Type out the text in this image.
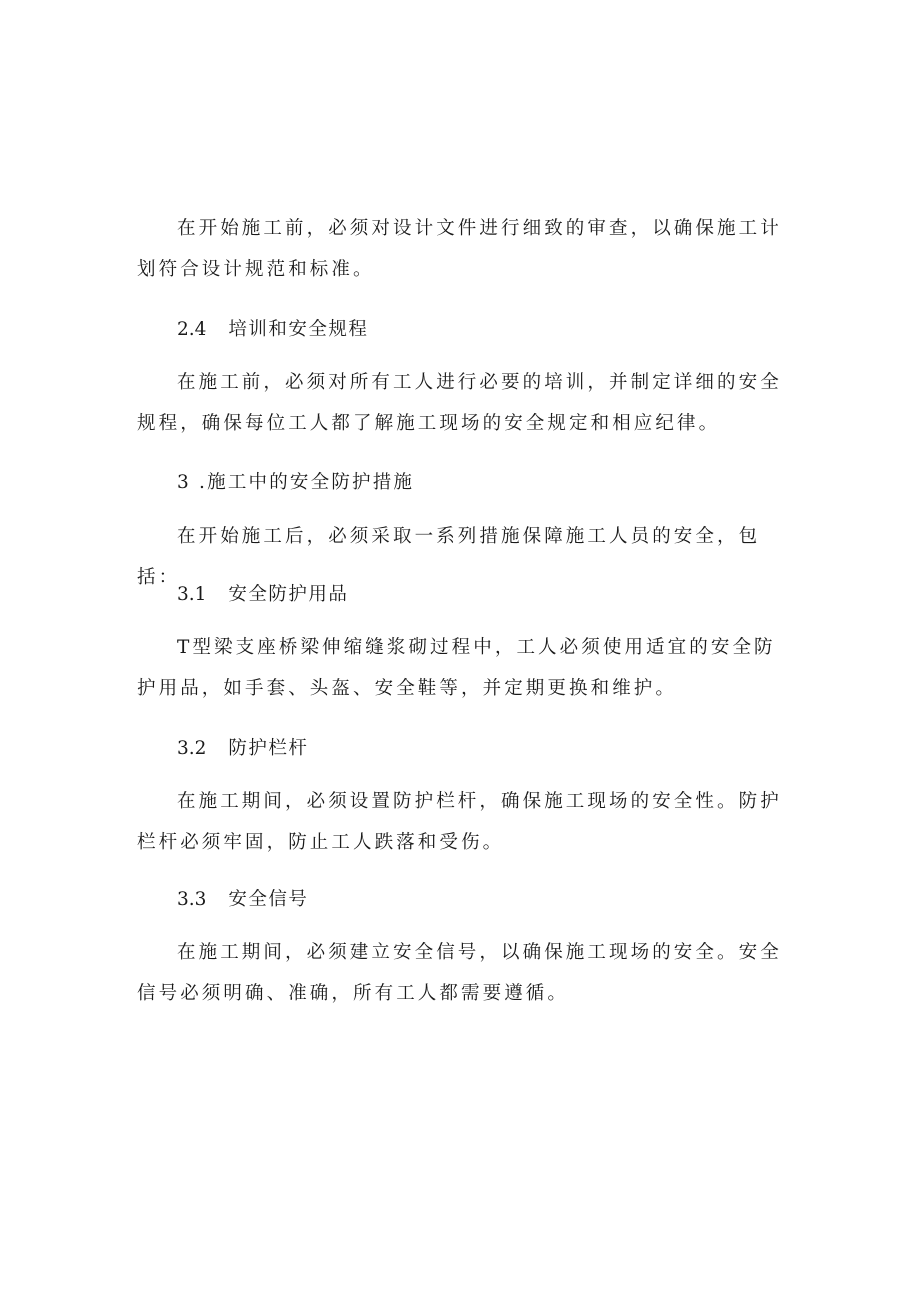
在开始施工前，必须对设计文件进行细致的审查，以确保施工计划符合设计规范和标准。

2.4 培训和安全规程

在施工前，必须对所有工人进行必要的培训，并制定详细的安全规程，确保每位工人都了解施工现场的安全规定和相应纪律。

3 .施工中的安全防护措施

在开始施工后，必须采取一系列措施保障施工人员的安全，包括：

3.1 安全防护用品

T型梁支座桥梁伸缩缝浆砌过程中，工人必须使用适宜的安全防护用品，如手套、头盔、安全鞋等，并定期更换和维护。

3.2 防护栏杆

在施工期间，必须设置防护栏杆，确保施工现场的安全性。防护栏杆必须牢固，防止工人跌落和受伤。

3.3 安全信号

在施工期间，必须建立安全信号，以确保施工现场的安全。安全信号必须明确、准确，所有工人都需要遵循。
